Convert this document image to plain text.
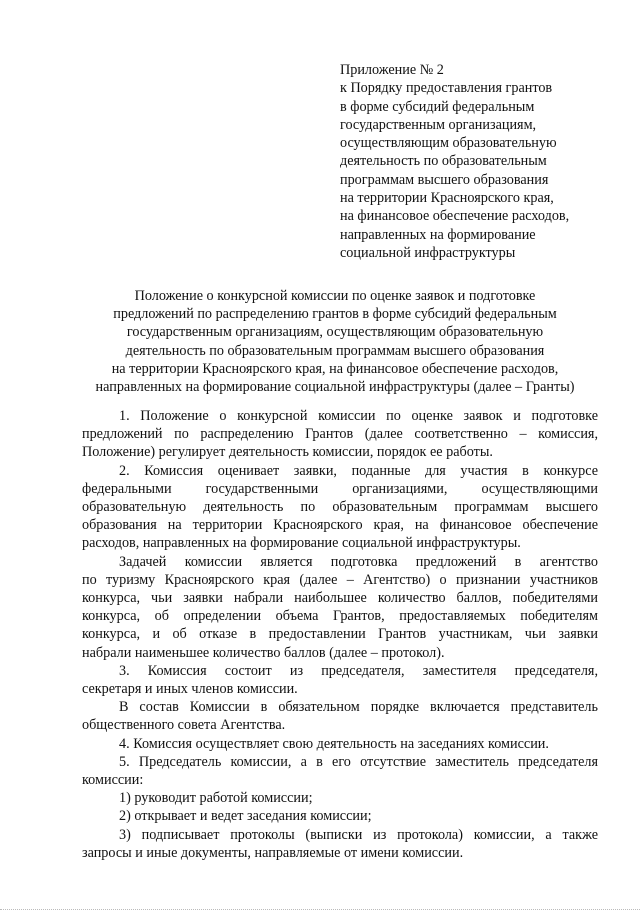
Приложение № 2
к Порядку предоставления грантов
в форме субсидий федеральным
государственным организациям,
осуществляющим образовательную
деятельность по образовательным
программам высшего образования
на территории Красноярского края,
на финансовое обеспечение расходов,
направленных на формирование
социальной инфраструктуры
Положение о конкурсной комиссии по оценке заявок и подготовке
предложений по распределению грантов в форме субсидий федеральным
государственным организациям, осуществляющим образовательную
деятельность по образовательным программам высшего образования
на территории Красноярского края, на финансовое обеспечение расходов,
направленных на формирование социальной инфраструктуры (далее – Гранты)
1. Положение о конкурсной комиссии по оценке заявок и подготовке
предложений по распределению Грантов (далее соответственно – комиссия,
Положение) регулирует деятельность комиссии, порядок ее работы.
2. Комиссия оценивает заявки, поданные для участия в конкурсе
федеральными государственными организациями, осуществляющими
образовательную деятельность по образовательным программам высшего
образования на территории Красноярского края, на финансовое обеспечение
расходов, направленных на формирование социальной инфраструктуры.
Задачей комиссии является подготовка предложений в агентство
по туризму Красноярского края (далее – Агентство) о признании участников
конкурса, чьи заявки набрали наибольшее количество баллов, победителями
конкурса, об определении объема Грантов, предоставляемых победителям
конкурса, и об отказе в предоставлении Грантов участникам, чьи заявки
набрали наименьшее количество баллов (далее – протокол).
3. Комиссия состоит из председателя, заместителя председателя,
секретаря и иных членов комиссии.
В состав Комиссии в обязательном порядке включается представитель
общественного совета Агентства.
4. Комиссия осуществляет свою деятельность на заседаниях комиссии.
5. Председатель комиссии, а в его отсутствие заместитель председателя
комиссии:
1) руководит работой комиссии;
2) открывает и ведет заседания комиссии;
3) подписывает протоколы (выписки из протокола) комиссии, а также
запросы и иные документы, направляемые от имени комиссии.
